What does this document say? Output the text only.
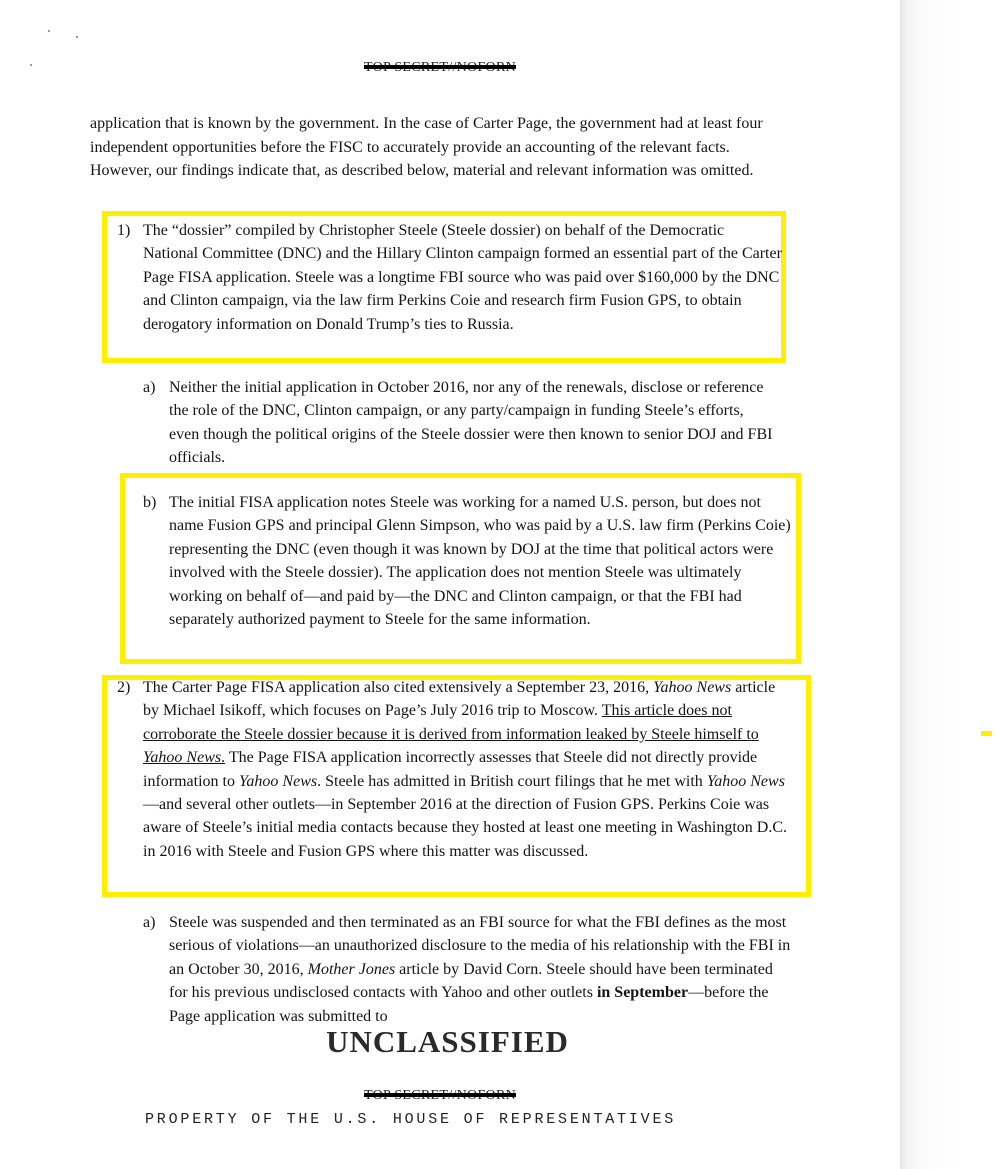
TOP SECRET//NOFORN

application that is known by the government. In the case of Carter Page, the government had at least four independent opportunities before the FISC to accurately provide an accounting of the relevant facts. However, our findings indicate that, as described below, material and relevant information was omitted.

1) The “dossier” compiled by Christopher Steele (Steele dossier) on behalf of the Democratic National Committee (DNC) and the Hillary Clinton campaign formed an essential part of the Carter Page FISA application. Steele was a longtime FBI source who was paid over $160,000 by the DNC and Clinton campaign, via the law firm Perkins Coie and research firm Fusion GPS, to obtain derogatory information on Donald Trump’s ties to Russia.
a) Neither the initial application in October 2016, nor any of the renewals, disclose or reference the role of the DNC, Clinton campaign, or any party/campaign in funding Steele’s efforts, even though the political origins of the Steele dossier were then known to senior DOJ and FBI officials.
b) The initial FISA application notes Steele was working for a named U.S. person, but does not name Fusion GPS and principal Glenn Simpson, who was paid by a U.S. law firm (Perkins Coie) representing the DNC (even though it was known by DOJ at the time that political actors were involved with the Steele dossier). The application does not mention Steele was ultimately working on behalf of—and paid by—the DNC and Clinton campaign, or that the FBI had separately authorized payment to Steele for the same information.
2) The Carter Page FISA application also cited extensively a September 23, 2016, Yahoo News article by Michael Isikoff, which focuses on Page’s July 2016 trip to Moscow. This article does not corroborate the Steele dossier because it is derived from information leaked by Steele himself to Yahoo News. The Page FISA application incorrectly assesses that Steele did not directly provide information to Yahoo News. Steele has admitted in British court filings that he met with Yahoo News—and several other outlets—in September 2016 at the direction of Fusion GPS. Perkins Coie was aware of Steele’s initial media contacts because they hosted at least one meeting in Washington D.C. in 2016 with Steele and Fusion GPS where this matter was discussed.
a) Steele was suspended and then terminated as an FBI source for what the FBI defines as the most serious of violations—an unauthorized disclosure to the media of his relationship with the FBI in an October 30, 2016, Mother Jones article by David Corn. Steele should have been terminated for his previous undisclosed contacts with Yahoo and other outlets in September—before the Page application was submitted to
UNCLASSIFIED
TOP SECRET//NOFORN
PROPERTY OF THE U.S. HOUSE OF REPRESENTATIVES
